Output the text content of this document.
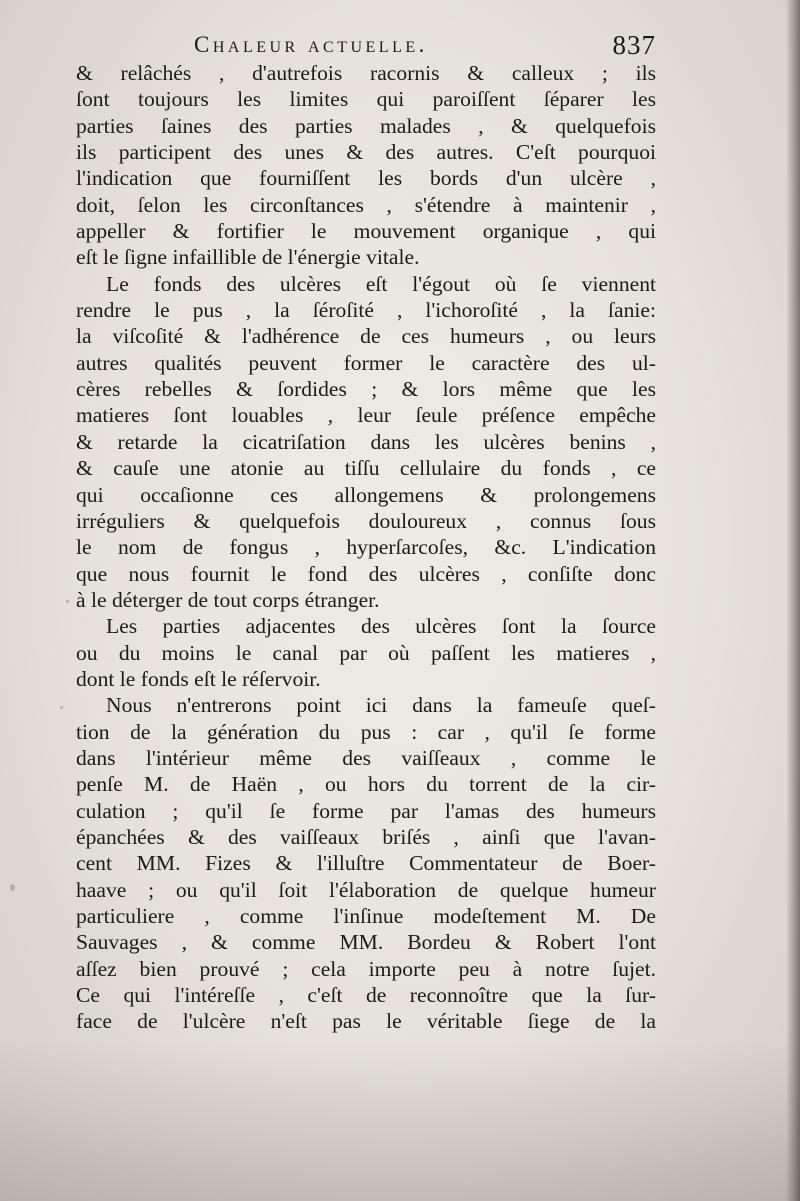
Chaleur actuelle.	837
& relâchés , d'autrefois racornis & calleux ; ils
ſont toujours les limites qui paroiſſent ſéparer les
parties ſaines des parties malades , & quelquefois
ils participent des unes & des autres. C'eſt pourquoi
l'indication que fourniſſent les bords d'un ulcère ,
doit, ſelon les circonſtances , s'étendre à maintenir ,
appeller & fortifier le mouvement organique , qui
eſt le ſigne infaillible de l'énergie vitale.
Le fonds des ulcères eſt l'égout où ſe viennent
rendre le pus , la ſéroſité , l'ichoroſité , la ſanie:
la viſcoſité & l'adhérence de ces humeurs , ou leurs
autres qualités peuvent former le caractère des ul-
cères rebelles & ſordides ; & lors même que les
matieres ſont louables , leur ſeule préſence empêche
& retarde la cicatriſation dans les ulcères benins ,
& cauſe une atonie au tiſſu cellulaire du fonds , ce
qui occaſionne ces allongemens & prolongemens
irréguliers & quelquefois douloureux , connus ſous
le nom de fongus , hyperſarcoſes, &c. L'indication
que nous fournit le fond des ulcères , conſiſte donc
à le déterger de tout corps étranger.
Les parties adjacentes des ulcères ſont la ſource
ou du moins le canal par où paſſent les matieres ,
dont le fonds eſt le réſervoir.
Nous n'entrerons point ici dans la fameuſe queſ-
tion de la génération du pus : car , qu'il ſe forme
dans l'intérieur même des vaiſſeaux , comme le
penſe M. de Haën , ou hors du torrent de la cir-
culation ; qu'il ſe forme par l'amas des humeurs
épanchées & des vaiſſeaux briſés , ainſi que l'avan-
cent MM. Fizes & l'illuſtre Commentateur de Boer-
haave ; ou qu'il ſoit l'élaboration de quelque humeur
particuliere , comme l'inſinue modeſtement M. De
Sauvages , & comme MM. Bordeu & Robert l'ont
aſſez bien prouvé ; cela importe peu à notre ſujet.
Ce qui l'intéreſſe , c'eſt de reconnoître que la ſur-
face de l'ulcère n'eſt pas le véritable ſiege de la
